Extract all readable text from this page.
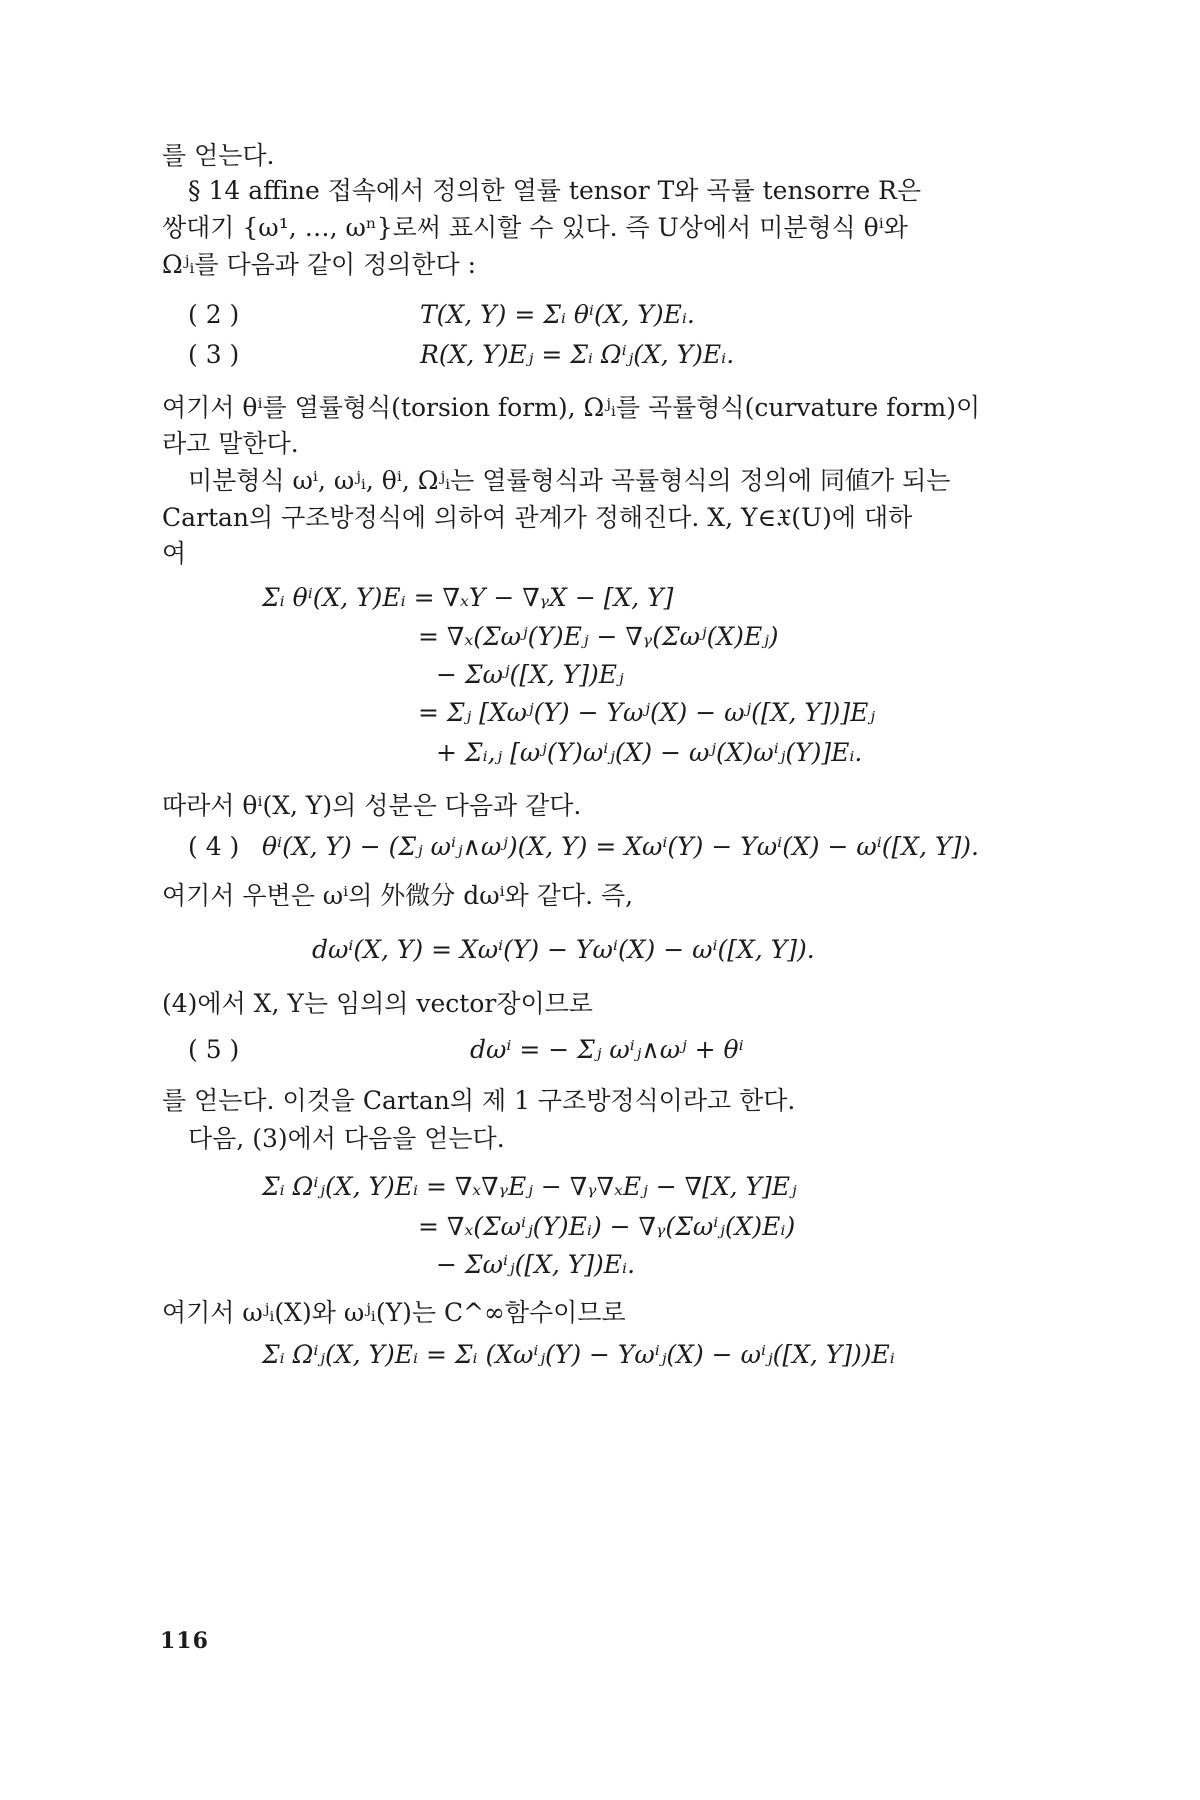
를 얻는다.
§ 14 affine 접속에서 정의한 열률 tensor T와 곡률 tensorre R은
쌍대기 {ω¹, …, ωⁿ}로써 표시할 수 있다. 즉 U상에서 미분형식 θⁱ와
Ωʲᵢ를 다음과 같이 정의한다 :
( 2 )	T(X, Y) = Σᵢ θⁱ(X, Y)Eᵢ.
( 3 )	R(X, Y)Eⱼ = Σᵢ Ωⁱⱼ(X, Y)Eᵢ.
여기서 θⁱ를 열률형식(torsion form), Ωʲᵢ를 곡률형식(curvature form)이
라고 말한다.
미분형식 ωⁱ, ωʲᵢ, θⁱ, Ωʲᵢ는 열률형식과 곡률형식의 정의에 同値가 되는
Cartan의 구조방정식에 의하여 관계가 정해진다. X, Y∈𝔛(U)에 대하
여
Σᵢ θⁱ(X, Y)Eᵢ = ∇ₓY − ∇ᵧX − [X, Y]
= ∇ₓ(Σωʲ(Y)Eⱼ − ∇ᵧ(Σωʲ(X)Eⱼ)
− Σωʲ([X, Y])Eⱼ
= Σⱼ [Xωʲ(Y) − Yωʲ(X) − ωʲ([X, Y])]Eⱼ
+ Σᵢ,ⱼ [ωʲ(Y)ωⁱⱼ(X) − ωʲ(X)ωⁱⱼ(Y)]Eᵢ.
따라서 θⁱ(X, Y)의 성분은 다음과 같다.
( 4 ) θⁱ(X, Y) − (Σⱼ ωⁱⱼ∧ωʲ)(X, Y) = Xωⁱ(Y) − Yωⁱ(X) − ωⁱ([X, Y]).
여기서 우변은 ωⁱ의 外微分 dωⁱ와 같다. 즉,
dωⁱ(X, Y) = Xωⁱ(Y) − Yωⁱ(X) − ωⁱ([X, Y]).
(4)에서 X, Y는 임의의 vector장이므로
( 5 )	dωⁱ = − Σⱼ ωⁱⱼ∧ωʲ + θⁱ
를 얻는다. 이것을 Cartan의 제 1 구조방정식이라고 한다.
다음, (3)에서 다음을 얻는다.
Σᵢ Ωⁱⱼ(X, Y)Eᵢ = ∇ₓ∇ᵧEⱼ − ∇ᵧ∇ₓEⱼ − ∇[X, Y]Eⱼ
= ∇ₓ(Σωⁱⱼ(Y)Eᵢ) − ∇ᵧ(Σωⁱⱼ(X)Eᵢ)
− Σωⁱⱼ([X, Y])Eᵢ.
여기서 ωʲᵢ(X)와 ωʲᵢ(Y)는 C^∞함수이므로
Σᵢ Ωⁱⱼ(X, Y)Eᵢ = Σᵢ (Xωⁱⱼ(Y) − Yωⁱⱼ(X) − ωⁱⱼ([X, Y]))Eᵢ
116
